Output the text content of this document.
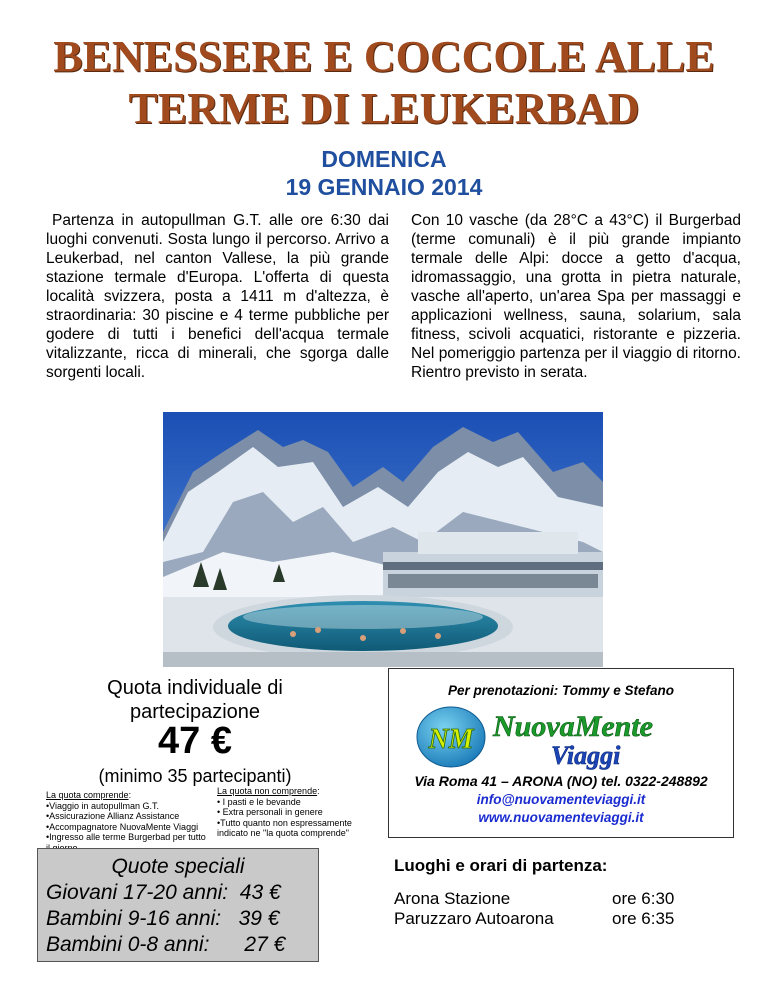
BENESSERE E COCCOLE ALLE
TERME DI LEUKERBAD
DOMENICA
19 GENNAIO 2014
Partenza in autopullman G.T. alle ore 6:30 dai luoghi convenuti. Sosta lungo il percorso. Arrivo a Leukerbad, nel canton Vallese, la più grande stazione termale d'Europa. L'offerta di questa località svizzera, posta a 1411 m d'altezza, è straordinaria: 30 piscine e 4 terme pubbliche per godere di tutti i benefici dell'acqua termale vitalizzante, ricca di minerali, che sgorga dalle sorgenti locali.
Con 10 vasche (da 28°C a 43°C) il Burgerbad (terme comunali) è il più grande impianto termale delle Alpi: docce a getto d'acqua, idromassaggio, una grotta in pietra naturale, vasche all'aperto, un'area Spa per massaggi e applicazioni wellness, sauna, solarium, sala fitness, scivoli acquatici, ristorante e pizzeria. Nel pomeriggio partenza per il viaggio di ritorno. Rientro previsto in serata.
Quota individuale di
partecipazione
47 €
(minimo 35 partecipanti)
La quota comprende:
•Viaggio in autopullman G.T.
•Assicurazione Allianz Assistance
•Accompagnatore NuovaMente Viaggi
•Ingresso alle terme Burgerbad per tutto
La quota non comprende:
• I pasti e le bevande
• Extra personali in genere
•Tutto quanto non espressamente indicato ne "la quota comprende"
Quote speciali
Giovani 17-20 anni:  43 €
Bambini 9-16 anni:   39 €
Bambini 0-8 anni:      27 €
Per prenotazioni: Tommy e Stefano
NM NuovaMente
Viaggi
Via Roma 41 – ARONA (NO) tel. 0322-248892
info@nuovamenteviaggi.it
www.nuovamenteviaggi.it
Luoghi e orari di partenza:
Arona Stazione	ore 6:30
Paruzzaro Autoarona	ore 6:35
